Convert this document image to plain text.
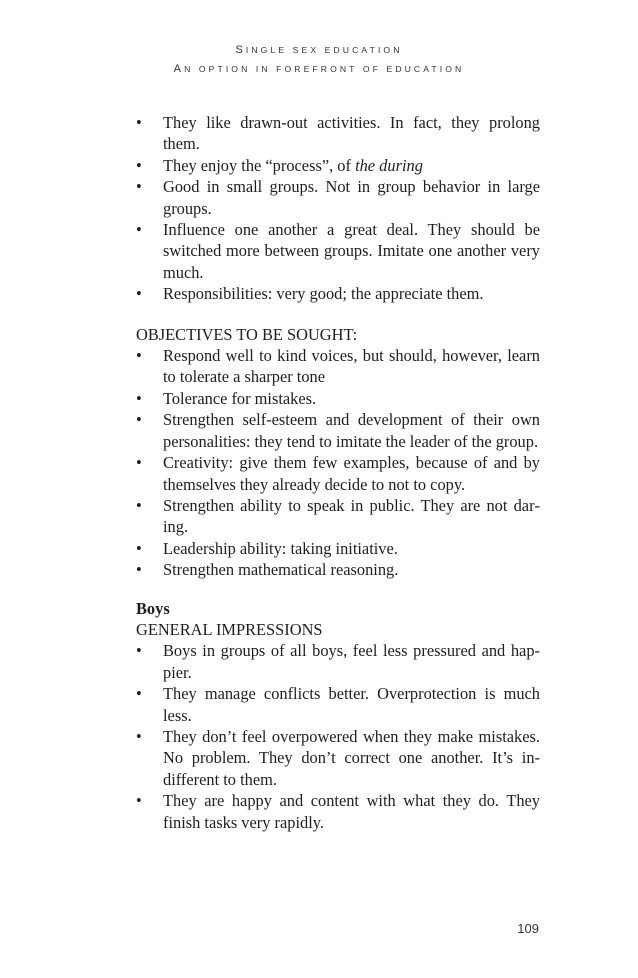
SINGLE SEX EDUCATION
AN OPTION IN FOREFRONT OF EDUCATION
• They like drawn-out activities. In fact, they prolong them.
• They enjoy the “process”, of the during
• Good in small groups. Not in group behavior in large groups.
• Influence one another a great deal. They should be switched more between groups. Imitate one another very much.
• Responsibilities: very good; the appreciate them.

OBJECTIVES TO BE SOUGHT:

• Respond well to kind voices, but should, however, learn to tolerate a sharper tone
• Tolerance for mistakes.
• Strengthen self-esteem and development of their own personalities: they tend to imitate the leader of the group.
• Creativity: give them few examples, because of and by themselves they already decide to not to copy.
• Strengthen ability to speak in public. They are not daring.
• Leadership ability: taking initiative.
• Strengthen mathematical reasoning.

Boys

GENERAL IMPRESSIONS

• Boys in groups of all boys, feel less pressured and happier.
• They manage conflicts better. Overprotection is much less.
• They don’t feel overpowered when they make mistakes. No problem. They don’t correct one another. It’s indifferent to them.
• They are happy and content with what they do. They finish tasks very rapidly.
109
